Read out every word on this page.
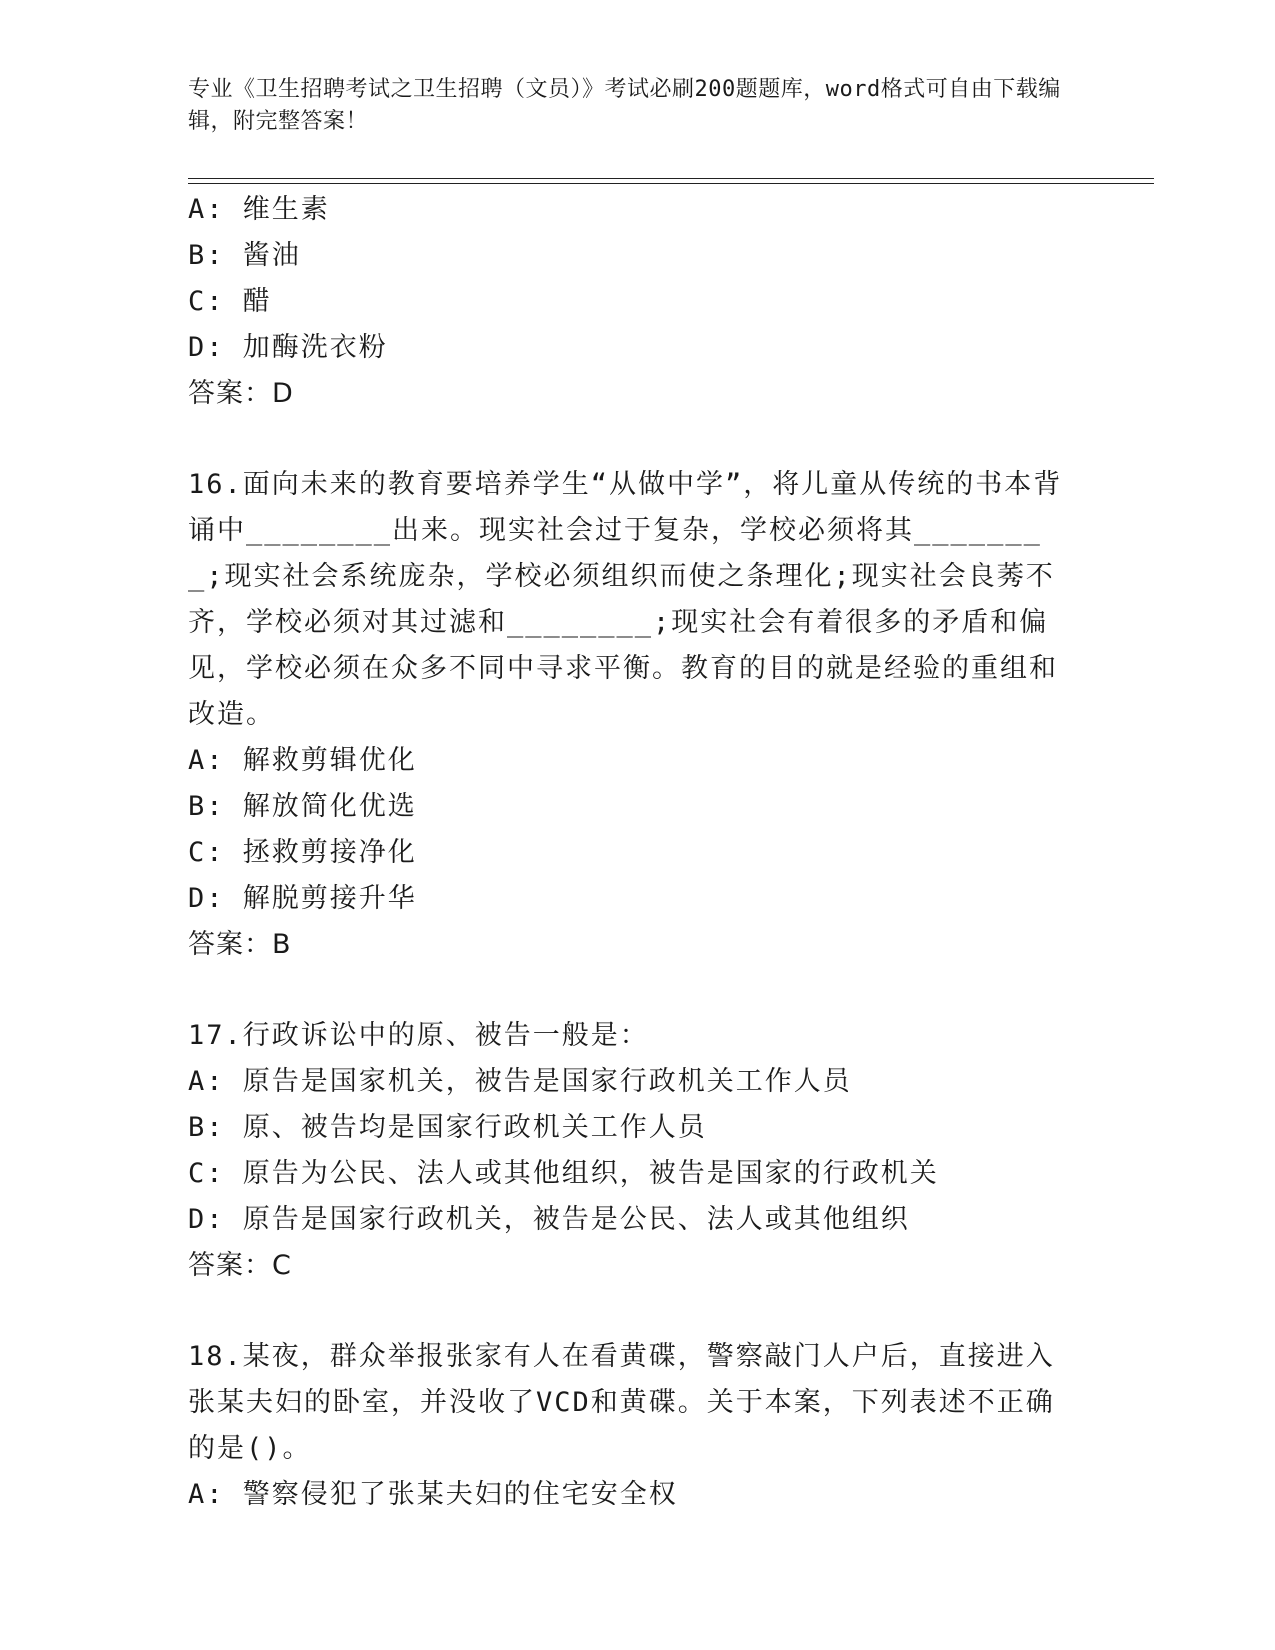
专业《卫生招聘考试之卫生招聘（文员）》考试必刷200题题库，word格式可自由下载编辑，附完整答案！
A: 维生素
B: 酱油
C: 醋
D: 加酶洗衣粉
答案：D
16.面向未来的教育要培养学生“从做中学”，将儿童从传统的书本背诵中________出来。现实社会过于复杂，学校必须将其________;现实社会系统庞杂，学校必须组织而使之条理化;现实社会良莠不齐，学校必须对其过滤和________;现实社会有着很多的矛盾和偏见，学校必须在众多不同中寻求平衡。教育的目的就是经验的重组和改造。
A: 解救剪辑优化
B: 解放简化优选
C: 拯救剪接净化
D: 解脱剪接升华
答案：B
17.行政诉讼中的原、被告一般是：
A: 原告是国家机关，被告是国家行政机关工作人员
B: 原、被告均是国家行政机关工作人员
C: 原告为公民、法人或其他组织，被告是国家的行政机关
D: 原告是国家行政机关，被告是公民、法人或其他组织
答案：C
18.某夜，群众举报张家有人在看黄碟，警察敲门人户后，直接进入张某夫妇的卧室，并没收了VCD和黄碟。关于本案，下列表述不正确的是()。
A: 警察侵犯了张某夫妇的住宅安全权
